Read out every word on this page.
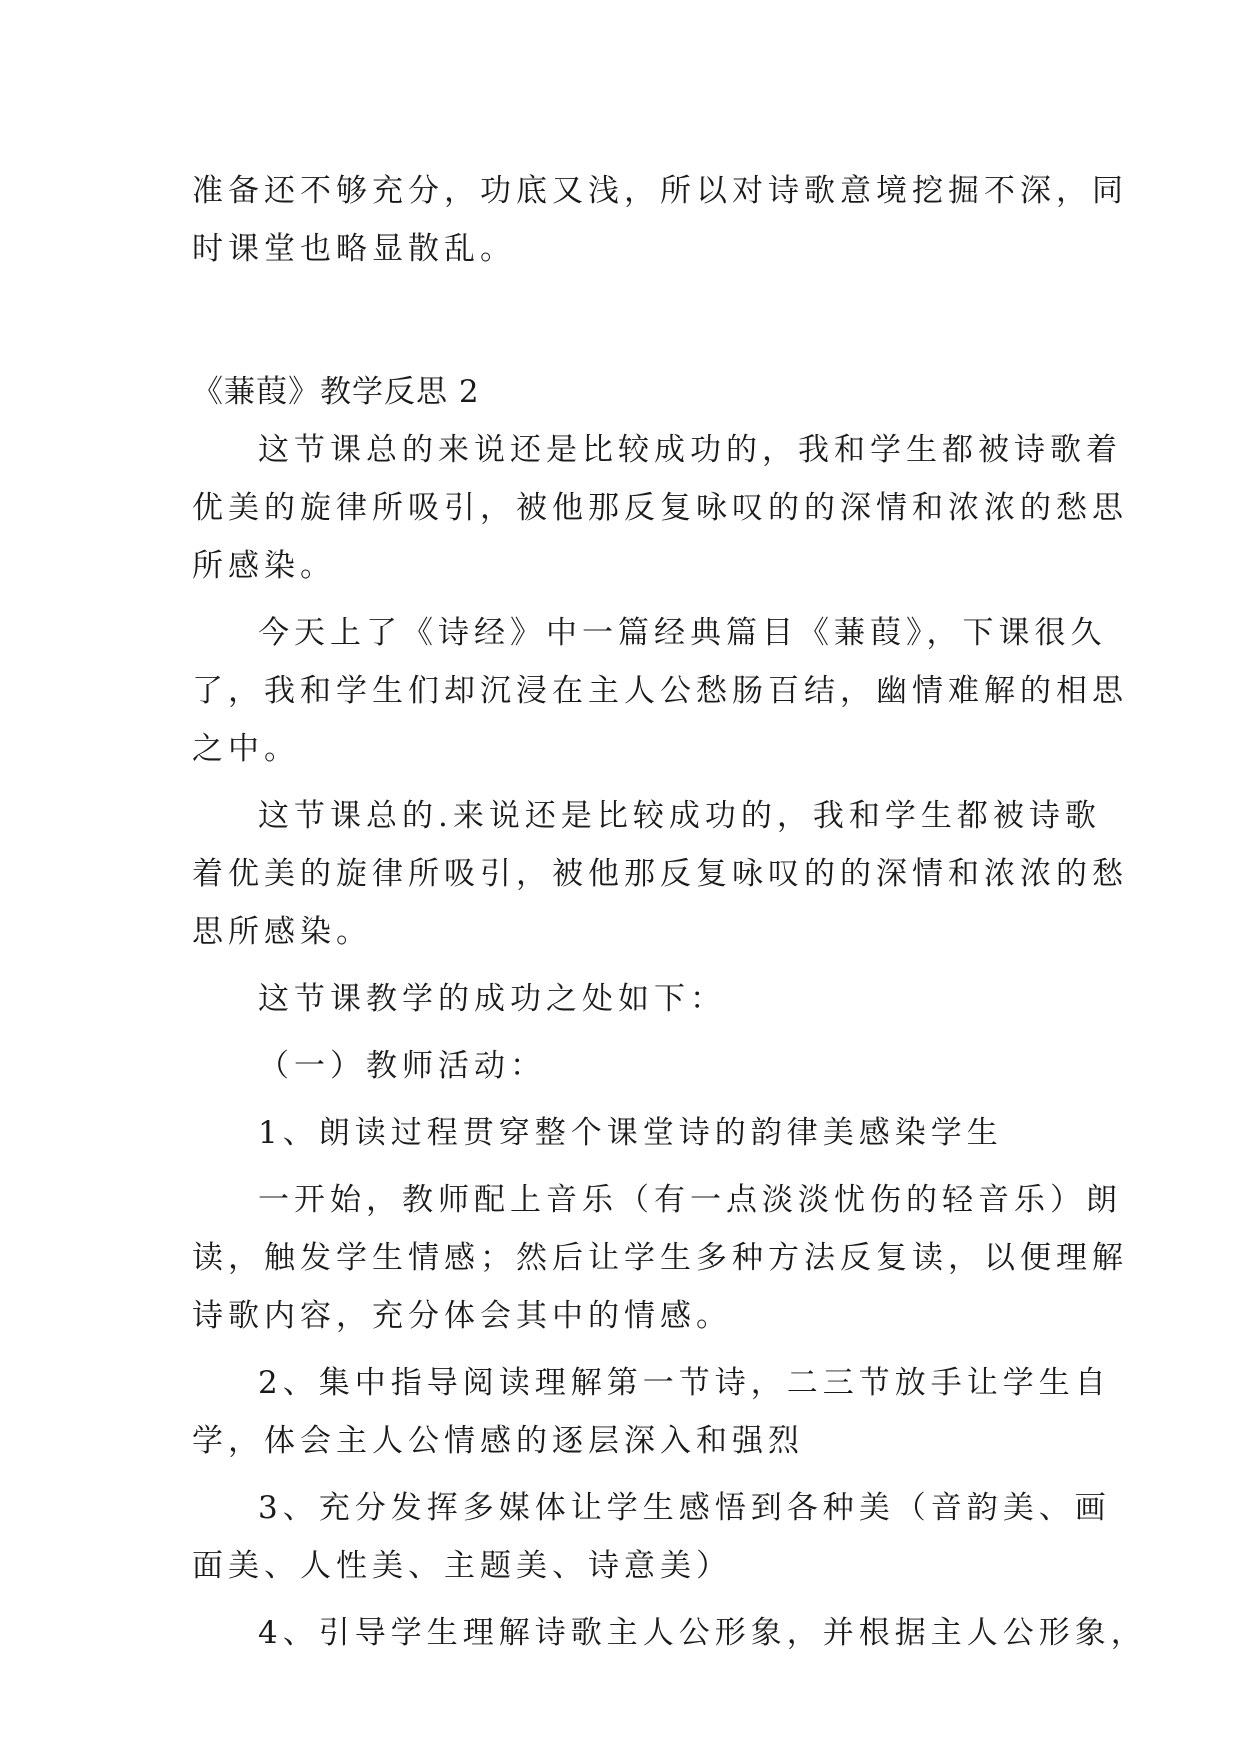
准备还不够充分，功底又浅，所以对诗歌意境挖掘不深，同

时课堂也略显散乱。

《蒹葭》教学反思 2

这节课总的来说还是比较成功的，我和学生都被诗歌着

优美的旋律所吸引，被他那反复咏叹的的深情和浓浓的愁思

所感染。

今天上了《诗经》中一篇经典篇目《蒹葭》，下课很久

了，我和学生们却沉浸在主人公愁肠百结，幽情难解的相思

之中。

这节课总的.来说还是比较成功的，我和学生都被诗歌

着优美的旋律所吸引，被他那反复咏叹的的深情和浓浓的愁

思所感染。

这节课教学的成功之处如下：

（一）教师活动：

1、朗读过程贯穿整个课堂诗的韵律美感染学生

一开始，教师配上音乐（有一点淡淡忧伤的轻音乐）朗

读，触发学生情感；然后让学生多种方法反复读，以便理解

诗歌内容，充分体会其中的情感。

2、集中指导阅读理解第一节诗，二三节放手让学生自

学，体会主人公情感的逐层深入和强烈

3、充分发挥多媒体让学生感悟到各种美（音韵美、画

面美、人性美、主题美、诗意美）

4、引导学生理解诗歌主人公形象，并根据主人公形象，
